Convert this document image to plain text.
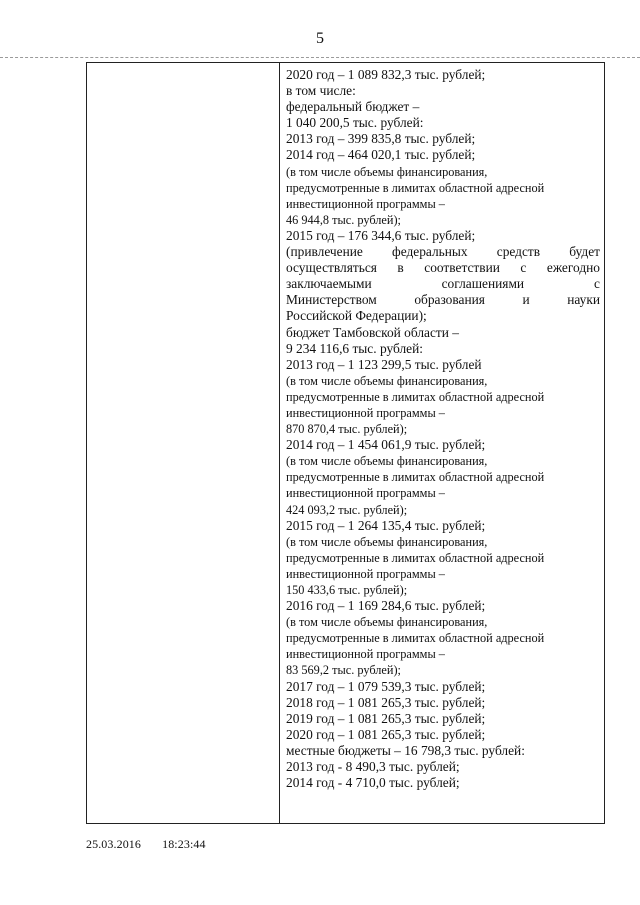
5
2020 год – 1 089 832,3 тыс. рублей;
в том числе:
федеральный бюджет –
1 040 200,5 тыс. рублей:
2013 год – 399 835,8 тыс. рублей;
2014 год – 464 020,1 тыс. рублей;
(в том числе объемы финансирования,
предусмотренные в лимитах областной адресной
инвестиционной программы –
46 944,8 тыс. рублей);
2015 год – 176 344,6 тыс. рублей;
(привлечение федеральных средств будет
осуществляться в соответствии с ежегодно
заключаемыми соглашениями с
Министерством образования и науки
Российской Федерации);
бюджет Тамбовской области –
9 234 116,6 тыс. рублей:
2013 год – 1 123 299,5 тыс. рублей
(в том числе объемы финансирования,
предусмотренные в лимитах областной адресной
инвестиционной программы –
870 870,4 тыс. рублей);
2014 год – 1 454 061,9 тыс. рублей;
(в том числе объемы финансирования,
предусмотренные в лимитах областной адресной
инвестиционной программы –
424 093,2 тыс. рублей);
2015 год – 1 264 135,4 тыс. рублей;
(в том числе объемы финансирования,
предусмотренные в лимитах областной адресной
инвестиционной программы –
150 433,6 тыс. рублей);
2016 год – 1 169 284,6 тыс. рублей;
(в том числе объемы финансирования,
предусмотренные в лимитах областной адресной
инвестиционной программы –
83 569,2 тыс. рублей);
2017 год – 1 079 539,3 тыс. рублей;
2018 год – 1 081 265,3 тыс. рублей;
2019 год – 1 081 265,3 тыс. рублей;
2020 год – 1 081 265,3 тыс. рублей;
местные бюджеты – 16 798,3 тыс. рублей:
2013 год - 8 490,3 тыс. рублей;
2014 год - 4 710,0 тыс. рублей;
25.03.2016 18:23:44
